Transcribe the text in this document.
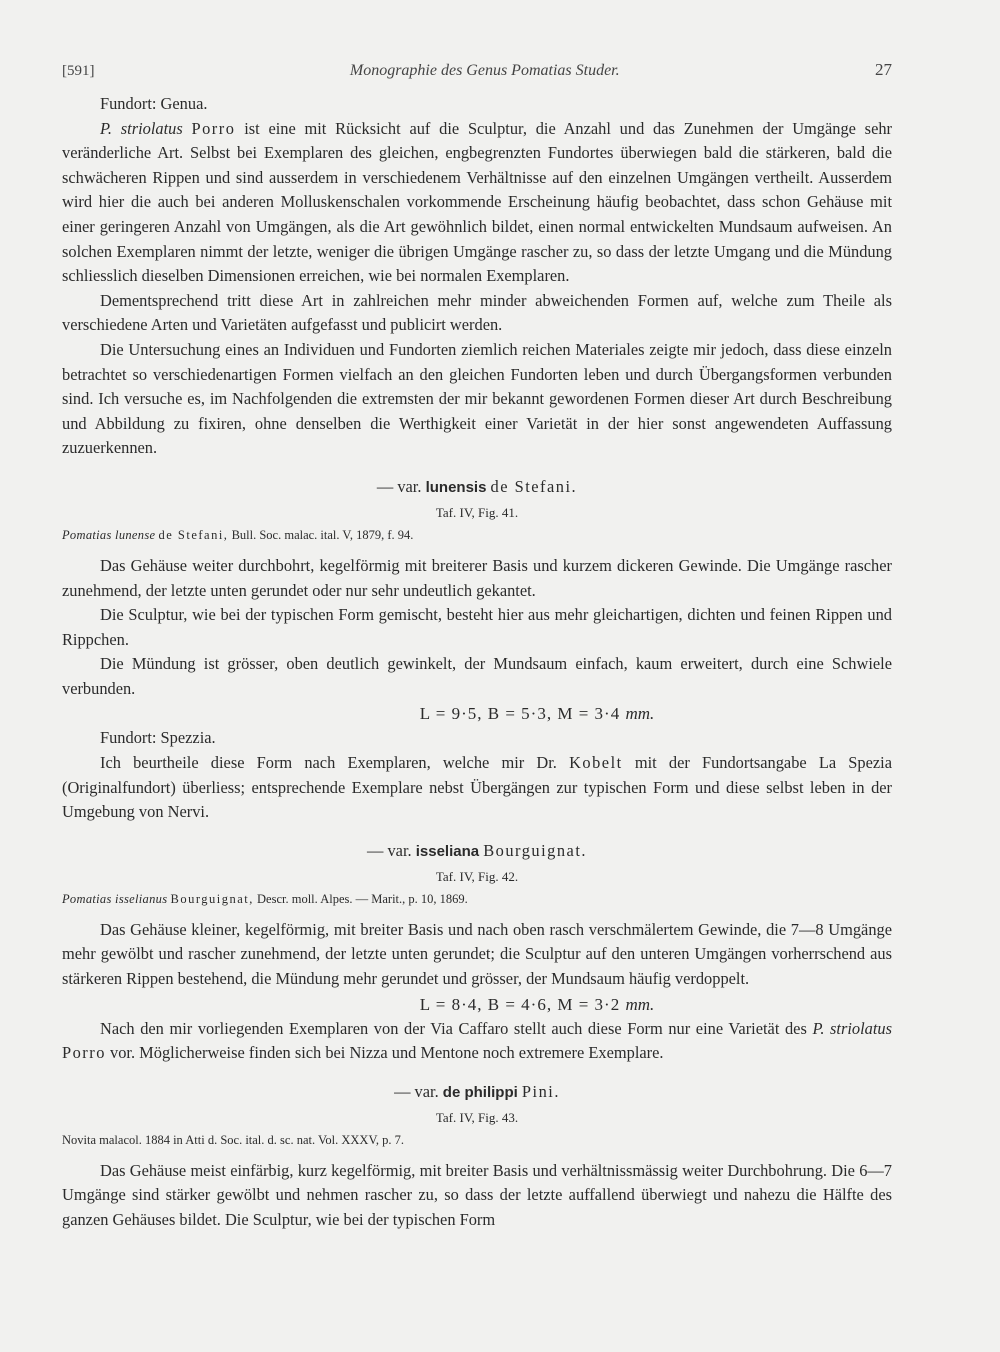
[591]	Monographie des Genus Pomatias Studer.	27

Fundort: Genua.

P. striolatus Porro ist eine mit Rücksicht auf die Sculptur, die Anzahl und das Zunehmen der Umgänge sehr veränderliche Art. Selbst bei Exemplaren des gleichen, engbegrenzten Fundortes überwiegen bald die stärkeren, bald die schwächeren Rippen und sind ausserdem in verschiedenem Verhältnisse auf den einzelnen Umgängen vertheilt. Ausserdem wird hier die auch bei anderen Molluskenschalen vorkommende Erscheinung häufig beobachtet, dass schon Gehäuse mit einer geringeren Anzahl von Umgängen, als die Art gewöhnlich bildet, einen normal entwickelten Mundsaum aufweisen. An solchen Exemplaren nimmt der letzte, weniger die übrigen Umgänge rascher zu, so dass der letzte Umgang und die Mündung schliesslich dieselben Dimensionen erreichen, wie bei normalen Exemplaren.

Dementsprechend tritt diese Art in zahlreichen mehr minder abweichenden Formen auf, welche zum Theile als verschiedene Arten und Varietäten aufgefasst und publicirt werden.

Die Untersuchung eines an Individuen und Fundorten ziemlich reichen Materiales zeigte mir jedoch, dass diese einzeln betrachtet so verschiedenartigen Formen vielfach an den gleichen Fundorten leben und durch Übergangsformen verbunden sind. Ich versuche es, im Nachfolgenden die extremsten der mir bekannt gewordenen Formen dieser Art durch Beschreibung und Abbildung zu fixiren, ohne denselben die Werthigkeit einer Varietät in der hier sonst angewendeten Auffassung zuzuerkennen.

— var. lunensis de Stefani.
Taf. IV, Fig. 41.
Pomatias lunense de Stefani, Bull. Soc. malac. ital. V, 1879, f. 94.

Das Gehäuse weiter durchbohrt, kegelförmig mit breiterer Basis und kurzem dickeren Gewinde. Die Umgänge rascher zunehmend, der letzte unten gerundet oder nur sehr undeutlich gekantet.

Die Sculptur, wie bei der typischen Form gemischt, besteht hier aus mehr gleichartigen, dichten und feinen Rippen und Rippchen.

Die Mündung ist grösser, oben deutlich gewinkelt, der Mundsaum einfach, kaum erweitert, durch eine Schwiele verbunden.

L = 9·5, B = 5·3, M = 3·4 mm.

Fundort: Spezzia.

Ich beurtheile diese Form nach Exemplaren, welche mir Dr. Kobelt mit der Fundortsangabe La Spezia (Originalfundort) überliess; entsprechende Exemplare nebst Übergängen zur typischen Form und diese selbst leben in der Umgebung von Nervi.

— var. isseliana Bourguignat.
Taf. IV, Fig. 42.
Pomatias isselianus Bourguignat, Descr. moll. Alpes. — Marit., p. 10, 1869.

Das Gehäuse kleiner, kegelförmig, mit breiter Basis und nach oben rasch verschmälertem Gewinde, die 7—8 Umgänge mehr gewölbt und rascher zunehmend, der letzte unten gerundet; die Sculptur auf den unteren Umgängen vorherrschend aus stärkeren Rippen bestehend, die Mündung mehr gerundet und grösser, der Mundsaum häufig verdoppelt.

L = 8·4, B = 4·6, M = 3·2 mm.

Nach den mir vorliegenden Exemplaren von der Via Caffaro stellt auch diese Form nur eine Varietät des P. striolatus Porro vor. Möglicherweise finden sich bei Nizza und Mentone noch extremere Exemplare.

— var. de philippi Pini.
Taf. IV, Fig. 43.
Novita malacol. 1884 in Atti d. Soc. ital. d. sc. nat. Vol. XXXV, p. 7.

Das Gehäuse meist einfärbig, kurz kegelförmig, mit breiter Basis und verhältnissmässig weiter Durchbohrung. Die 6—7 Umgänge sind stärker gewölbt und nehmen rascher zu, so dass der letzte auffallend überwiegt und nahezu die Hälfte des ganzen Gehäuses bildet. Die Sculptur, wie bei der typischen Form
